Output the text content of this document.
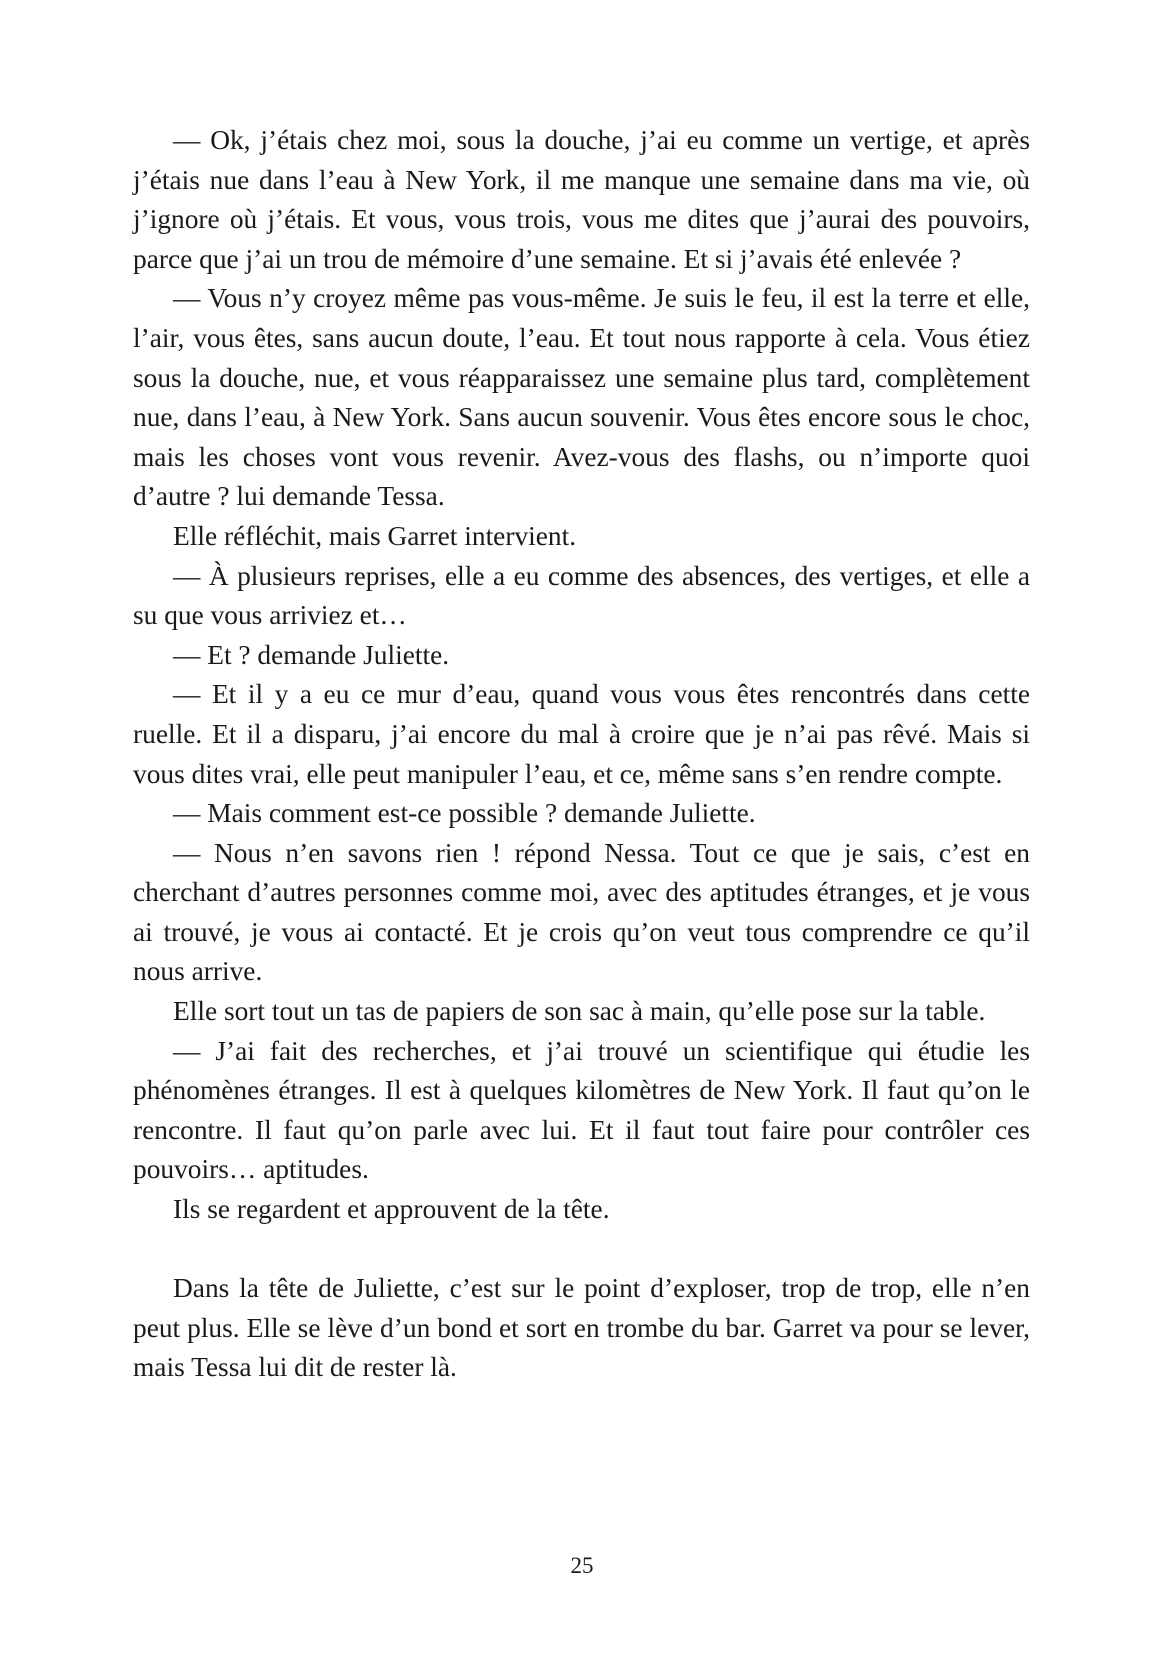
— Ok, j’étais chez moi, sous la douche, j’ai eu comme un vertige, et après j’étais nue dans l’eau à New York, il me manque une semaine dans ma vie, où j’ignore où j’étais. Et vous, vous trois, vous me dites que j’aurai des pouvoirs, parce que j’ai un trou de mémoire d’une semaine. Et si j’avais été enlevée ?

— Vous n’y croyez même pas vous-même. Je suis le feu, il est la terre et elle, l’air, vous êtes, sans aucun doute, l’eau. Et tout nous rapporte à cela. Vous étiez sous la douche, nue, et vous réapparaissez une semaine plus tard, complètement nue, dans l’eau, à New York. Sans aucun souvenir. Vous êtes encore sous le choc, mais les choses vont vous revenir. Avez-vous des flashs, ou n’importe quoi d’autre ? lui demande Tessa.

Elle réfléchit, mais Garret intervient.

— À plusieurs reprises, elle a eu comme des absences, des vertiges, et elle a su que vous arriviez et…

— Et ? demande Juliette.

— Et il y a eu ce mur d’eau, quand vous vous êtes rencontrés dans cette ruelle. Et il a disparu, j’ai encore du mal à croire que je n’ai pas rêvé. Mais si vous dites vrai, elle peut manipuler l’eau, et ce, même sans s’en rendre compte.

— Mais comment est-ce possible ? demande Juliette.

— Nous n’en savons rien ! répond Nessa. Tout ce que je sais, c’est en cherchant d’autres personnes comme moi, avec des aptitudes étranges, et je vous ai trouvé, je vous ai contacté. Et je crois qu’on veut tous comprendre ce qu’il nous arrive.

Elle sort tout un tas de papiers de son sac à main, qu’elle pose sur la table.

— J’ai fait des recherches, et j’ai trouvé un scientifique qui étudie les phénomènes étranges. Il est à quelques kilomètres de New York. Il faut qu’on le rencontre. Il faut qu’on parle avec lui. Et il faut tout faire pour contrôler ces pouvoirs… aptitudes.

Ils se regardent et approuvent de la tête.

Dans la tête de Juliette, c’est sur le point d’exploser, trop de trop, elle n’en peut plus. Elle se lève d’un bond et sort en trombe du bar. Garret va pour se lever, mais Tessa lui dit de rester là.

25
